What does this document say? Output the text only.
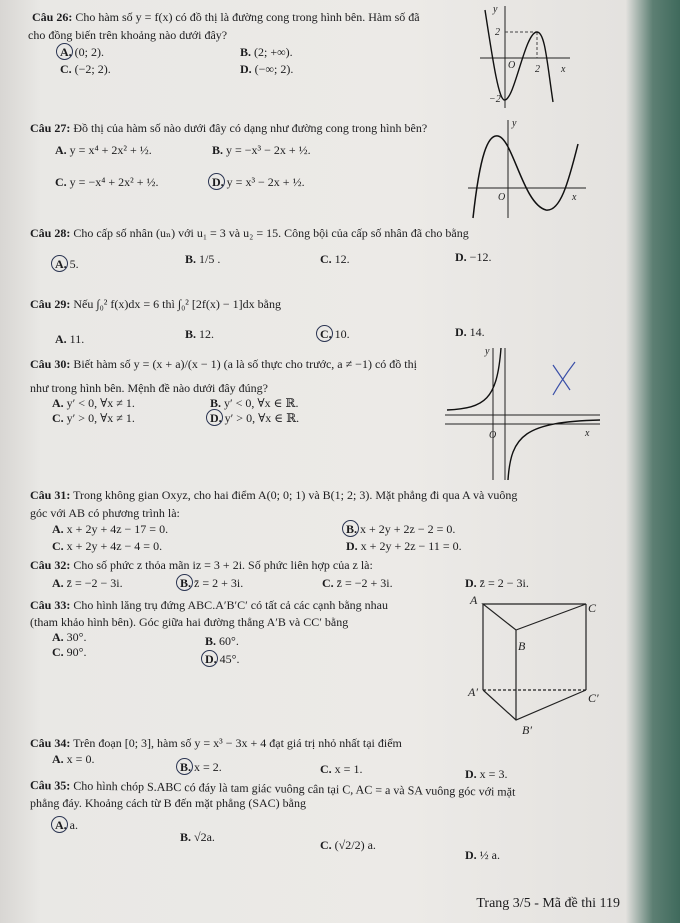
Câu 26: Cho hàm số y = f(x) có đồ thị là đường cong trong hình bên. Hàm số đã
cho đồng biến trên khoảng nào dưới đây?
A. (0; 2).	B. (2; +∞).
C. (−2; 2).	D. (−∞; 2).
y
2
O 2 x
−2
Câu 27: Đồ thị của hàm số nào dưới đây có dạng như đường cong trong hình bên?
A. y = x⁴ + 2x² + ½.	B. y = −x³ − 2x + ½.
C. y = −x⁴ + 2x² + ½.	D. y = x³ − 2x + ½.
y
O	x
Câu 28: Cho cấp số nhân (uₙ) với u₁ = 3 và u₂ = 15. Công bội của cấp số nhân đã cho bằng
A. 5.	B. 1/5 .	C. 12.	D. −12.
Câu 29: Nếu ∫₀² f(x)dx = 6 thì ∫₀² [2f(x) − 1]dx bằng
A. 11.	B. 12.	C. 10.	D. 14.
Câu 30: Biết hàm số y = (x + a)/(x − 1) (a là số thực cho trước, a ≠ −1) có đồ thị
như trong hình bên. Mệnh đề nào dưới đây đúng?
A. y′ < 0, ∀x ≠ 1.	B. y′ < 0, ∀x ∈ ℝ.
C. y′ > 0, ∀x ≠ 1.	D. y′ > 0, ∀x ∈ ℝ.
y
O	x
Câu 31: Trong không gian Oxyz, cho hai điểm A(0; 0; 1) và B(1; 2; 3). Mặt phẳng đi qua A và vuông
góc với AB có phương trình là:
A. x + 2y + 4z − 17 = 0.	B. x + 2y + 2z − 2 = 0.
C. x + 2y + 4z − 4 = 0.	D. x + 2y + 2z − 11 = 0.
Câu 32: Cho số phức z thỏa mãn iz = 3 + 2i. Số phức liên hợp của z là:
A. z̄ = −2 − 3i.	B. z̄ = 2 + 3i.	C. z̄ = −2 + 3i.	D. z̄ = 2 − 3i.
Câu 33: Cho hình lăng trụ đứng ABC.A′B′C′ có tất cả các cạnh bằng nhau
(tham khảo hình bên). Góc giữa hai đường thẳng A′B và CC′ bằng
A. 30°.	B. 60°.
C. 90°.	D. 45°.
A
C
B
A′	C′
B′
Câu 34: Trên đoạn [0; 3], hàm số y = x³ − 3x + 4 đạt giá trị nhỏ nhất tại điểm
A. x = 0.
B. x = 2.	C. x = 1.	D. x = 3.
Câu 35: Cho hình chóp S.ABC có đáy là tam giác vuông cân tại C, AC = a và SA vuông góc với mặt
phẳng đáy. Khoảng cách từ B đến mặt phẳng (SAC) bằng
A. a.
B. √2a.
C. (√2/2) a.
D. ½ a.
Trang 3/5 - Mã đề thi 119
